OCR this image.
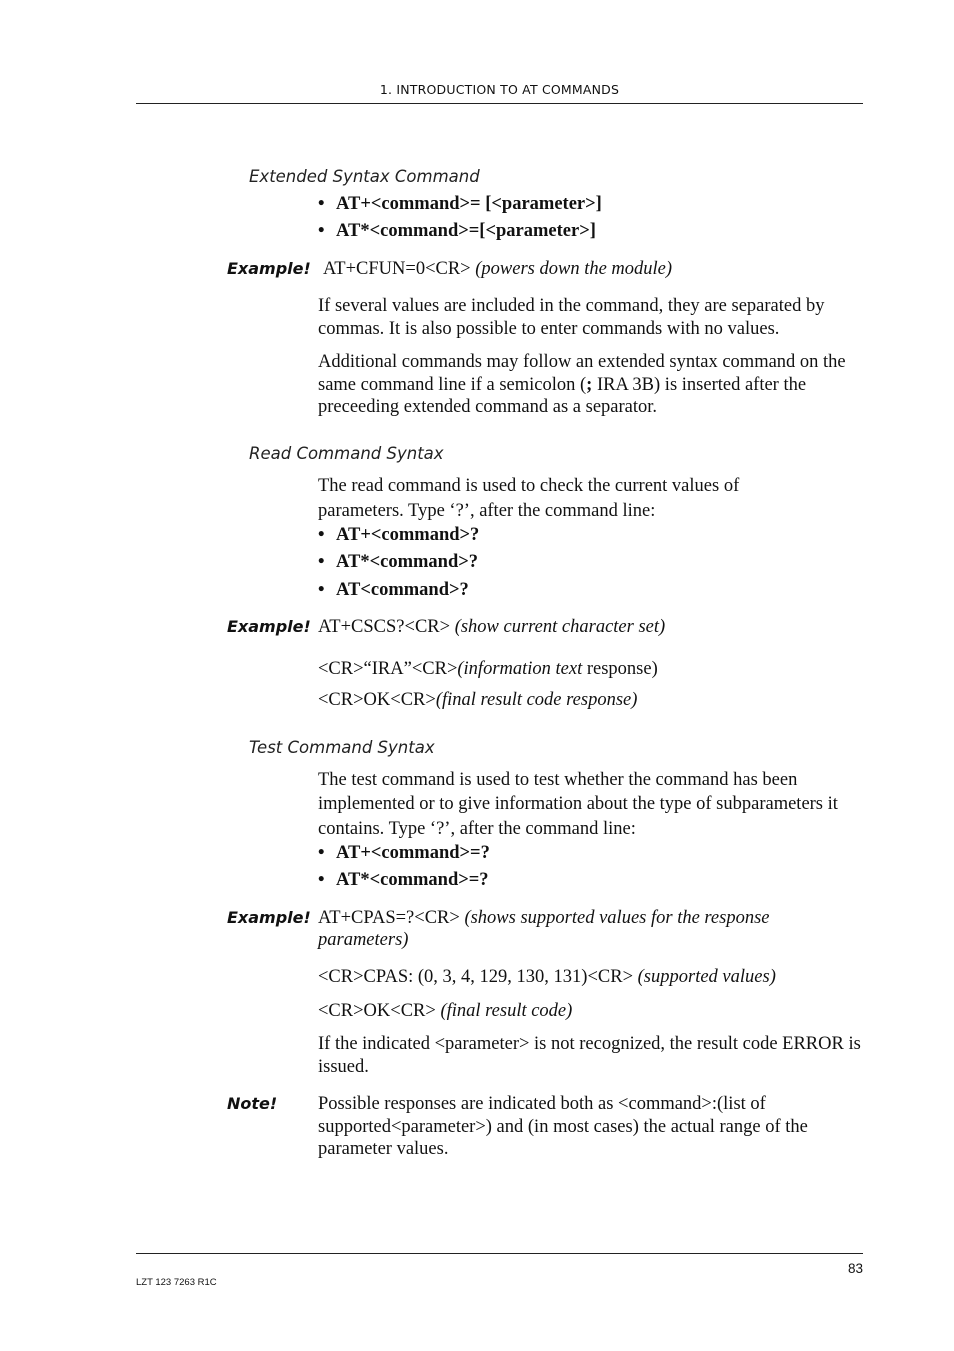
1. INTRODUCTION TO AT COMMANDS
Extended Syntax Command
• AT+<command>= [<parameter>]
• AT*<command>=[<parameter>]
Example! AT+CFUN=0<CR> (powers down the module)
If several values are included in the command, they are separated by commas. It is also possible to enter commands with no values.
Additional commands may follow an extended syntax command on the same command line if a semicolon (; IRA 3B) is inserted after the preceeding extended command as a separator.
Read Command Syntax
The read command is used to check the current values of
parameters. Type ‘?’, after the command line:
• AT+<command>?
• AT*<command>?
• AT<command>?
Example! AT+CSCS?<CR> (show current character set)
<CR>“IRA”<CR>(information text response)
<CR>OK<CR>(final result code response)
Test Command Syntax
The test command is used to test whether the command has been
implemented or to give information about the type of subparameters it
contains. Type ‘?’, after the command line:
• AT+<command>=?
• AT*<command>=?
Example! AT+CPAS=?<CR> (shows supported values for the response
parameters)
<CR>CPAS: (0, 3, 4, 129, 130, 131)<CR> (supported values)
<CR>OK<CR> (final result code)
If the indicated <parameter> is not recognized, the result code ERROR is issued.
Note! Possible responses are indicated both as <command>:(list of supported<parameter>) and (in most cases) the actual range of the parameter values.
83
LZT 123 7263 R1C
